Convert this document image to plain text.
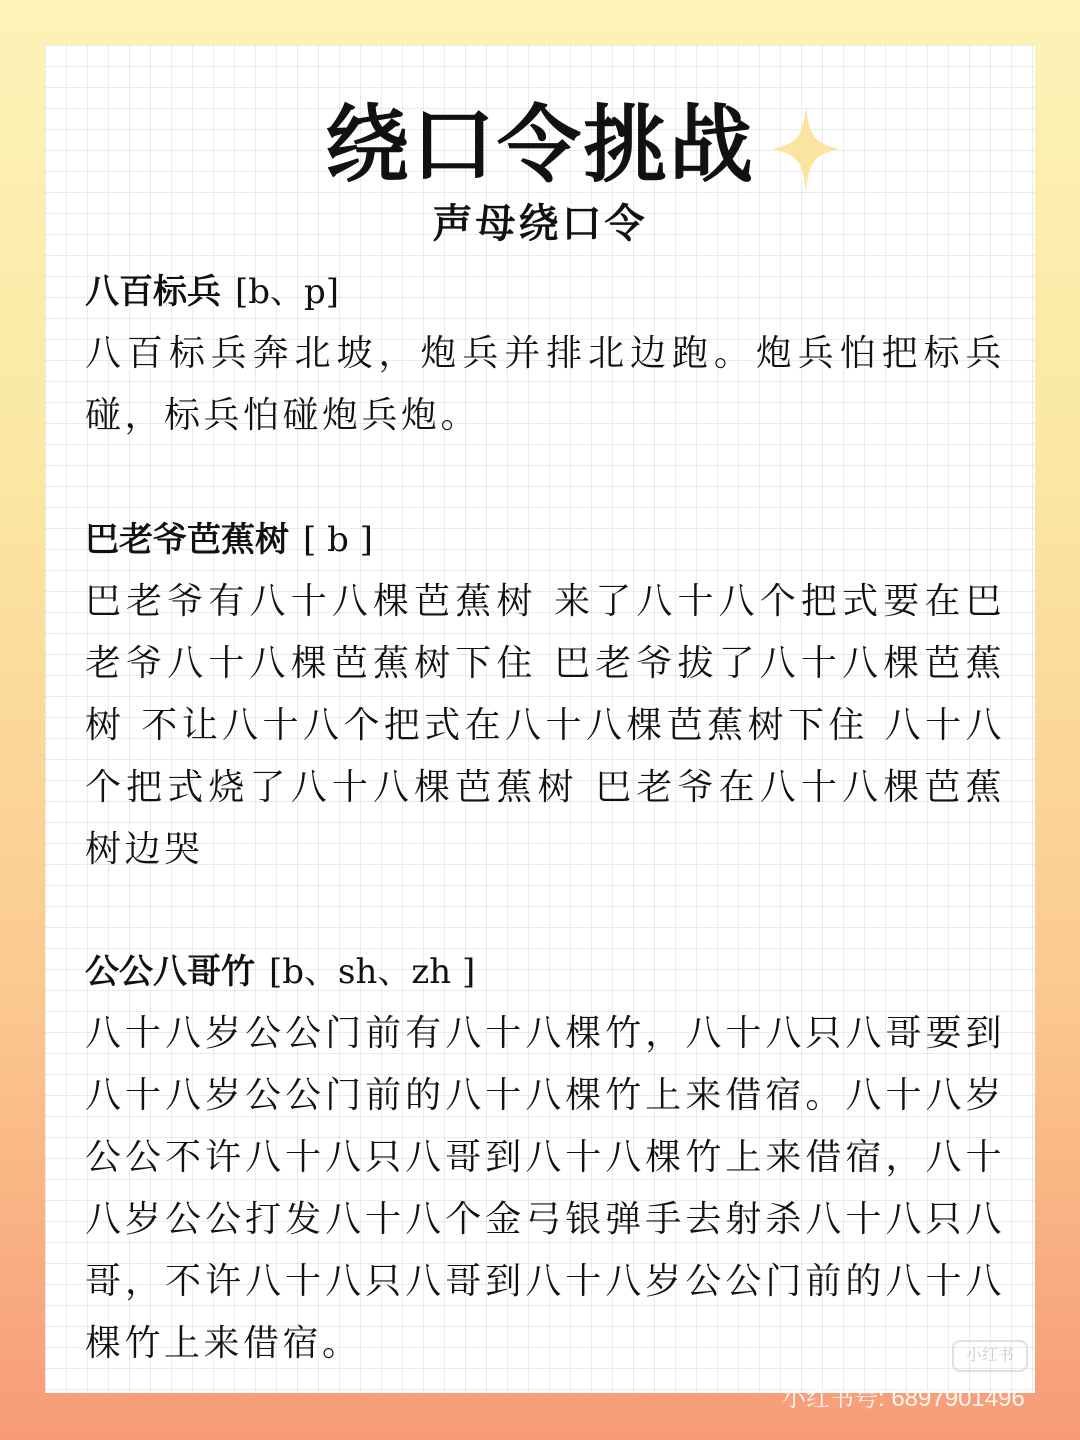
绕口令挑战
声母绕口令
八百标兵 [b、p]
八百标兵奔北坡，炮兵并排北边跑。炮兵怕把标兵碰，标兵怕碰炮兵炮。
巴老爷芭蕉树 [ b ]
巴老爷有八十八棵芭蕉树 来了八十八个把式要在巴老爷八十八棵芭蕉树下住 巴老爷拔了八十八棵芭蕉树 不让八十八个把式在八十八棵芭蕉树下住 八十八个把式烧了八十八棵芭蕉树 巴老爷在八十八棵芭蕉树边哭
公公八哥竹 [b、sh、zh ]
八十八岁公公门前有八十八棵竹，八十八只八哥要到八十八岁公公门前的八十八棵竹上来借宿。八十八岁公公不许八十八只八哥到八十八棵竹上来借宿，八十八岁公公打发八十八个金弓银弹手去射杀八十八只八哥，不许八十八只八哥到八十八岁公公门前的八十八棵竹上来借宿。	小红书
小红书号: 6897901496
